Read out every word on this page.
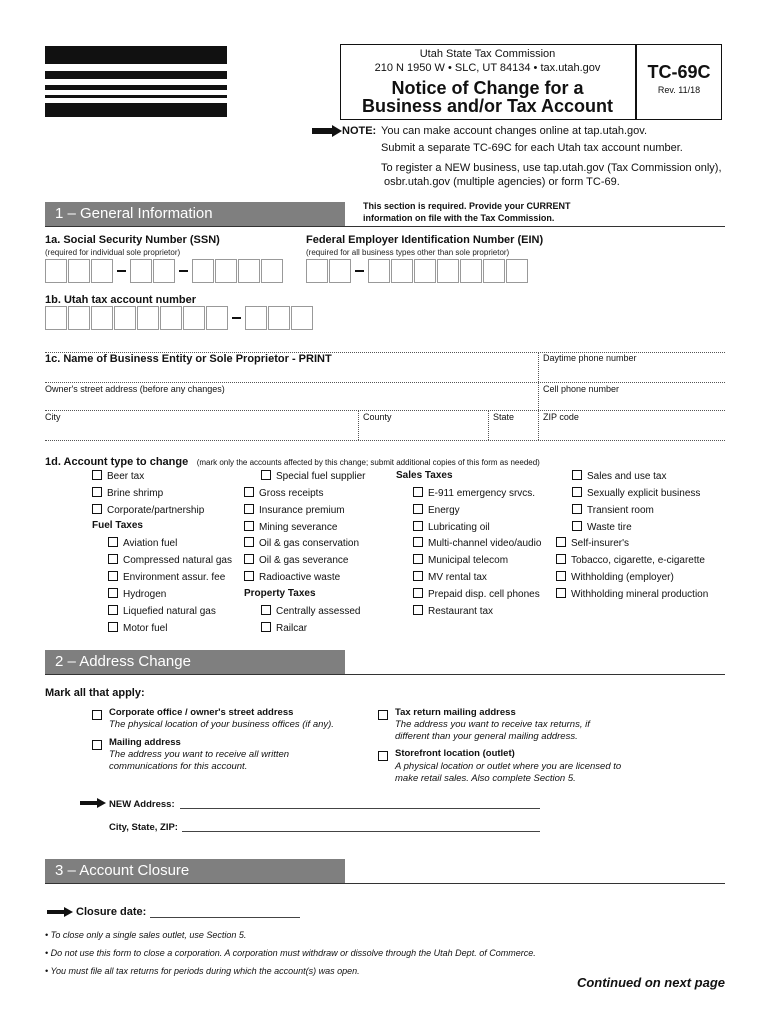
Utah State Tax Commission
210 N 1950 W • SLC, UT 84134 • tax.utah.gov
Notice of Change for a
Business and/or Tax Account
TC-69C
Rev. 11/18
NOTE: You can make account changes online at tap.utah.gov.
Submit a separate TC-69C for each Utah tax account number.
To register a NEW business, use tap.utah.gov (Tax Commission only),
osbr.utah.gov (multiple agencies) or form TC-69.
1 – General Information	This section is required. Provide your CURRENT
information on file with the Tax Commission.
1a. Social Security Number (SSN)
(required for individual sole proprietor)
Federal Employer Identification Number (EIN)
(required for all business types other than sole proprietor)
1b. Utah tax account number
1c. Name of Business Entity or Sole Proprietor - PRINT	Daytime phone number
Owner's street address (before any changes)	Cell phone number
City	County	State	ZIP code
1d. Account type to change (mark only the accounts affected by this change; submit additional copies of this form as needed)
Beer tax
Brine shrimp
Corporate/partnership
Fuel Taxes
Aviation fuel
Compressed natural gas
Environment assur. fee
Hydrogen
Liquefied natural gas
Motor fuel
Special fuel supplier
Gross receipts
Insurance premium
Mining severance
Oil & gas conservation
Oil & gas severance
Radioactive waste
Property Taxes
Centrally assessed
Railcar
Sales Taxes
E-911 emergency srvcs.
Energy
Lubricating oil
Multi-channel video/audio
Municipal telecom
MV rental tax
Prepaid disp. cell phones
Restaurant tax
Sales and use tax
Sexually explicit business
Transient room
Waste tire
Self-insurer's
Tobacco, cigarette, e-cigarette
Withholding (employer)
Withholding mineral production
2 – Address Change
Mark all that apply:
Corporate office / owner's street address
The physical location of your business offices (if any).
Mailing address
The address you want to receive all written
communications for this account.
Tax return mailing address
The address you want to receive tax returns, if
different than your general mailing address.
Storefront location (outlet)
A physical location or outlet where you are licensed to
make retail sales. Also complete Section 5.
NEW Address:
City, State, ZIP:
3 – Account Closure
Closure date:
• To close only a single sales outlet, use Section 5.
• Do not use this form to close a corporation. A corporation must withdraw or dissolve through the Utah Dept. of Commerce.
• You must file all tax returns for periods during which the account(s) was open.
Continued on next page
